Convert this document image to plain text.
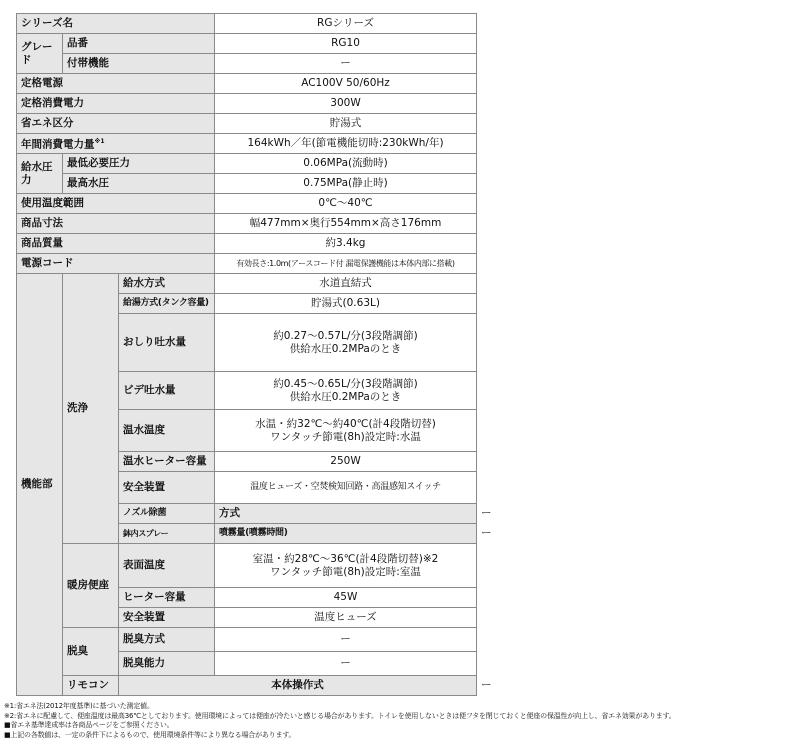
シリーズ名			RGシリーズ	
グレード	品番		RG10	
	付帯機能		ー	
定格電源			AC100V 50/60Hz	
定格消費電力			300W	
省エネ区分			貯湯式	
年間消費電力量$^{※1}$			164kWh／年(節電機能切時:230kWh/年)	
給水圧力	最低必要圧力		0.06MPa(流動時)	
	最高水圧		0.75MPa(静止時)	
使用温度範囲			0℃～40℃	
商品寸法			幅477mm×奥行554mm×高さ176mm	
商品質量			約3.4kg	
電源コード			有効長さ:1.0m(アースコード付 漏電保護機能は本体内部に搭載)	
機能部	洗浄	給水方式	水道直結式	
		給湯方式(タンク容量)	貯湯式(0.63L)	
		おしり吐水量	約0.27～0.57L/分(3段階調節)
供給水圧0.2MPaのとき	

		ビデ吐水量	約0.45～0.65L/分(3段階調節)
供給水圧0.2MPaのとき	

		温水温度	水温・約32℃～約40℃(計4段階切替)
ワンタッチ節電(8h)設定時:水温	

		温水ヒーター容量	250W	
		安全装置	温度ヒューズ・空焚検知回路・高温感知スイッチ	
		ノズル除菌	方式	ー
		鉢内スプレー	噴霧量(噴霧時間)	ー
	暖房便座	表面温度	室温・約28℃～36℃(計4段階切替)※2
ワンタッチ節電(8h)設定時:室温	

		ヒーター容量	45W	
		安全装置	温度ヒューズ	
	脱臭	脱臭方式	ー	
		脱臭能力	ー	
	リモコン	本体操作式		ー
※1:省エネ法(2012年度基準)に基づいた測定値。
※2:省エネに配慮して、便座温度は最高36℃としております。使用環境によっては便座が冷たいと感じる場合があります。トイレを使用しないときは便フタを閉じておくと便座の保温性が向上し、省エネ効果があります。
■省エネ基準達成率は各商品ページをご参照ください。
■上記の各数値は、一定の条件下によるもので、使用環境条件等により異なる場合があります。
